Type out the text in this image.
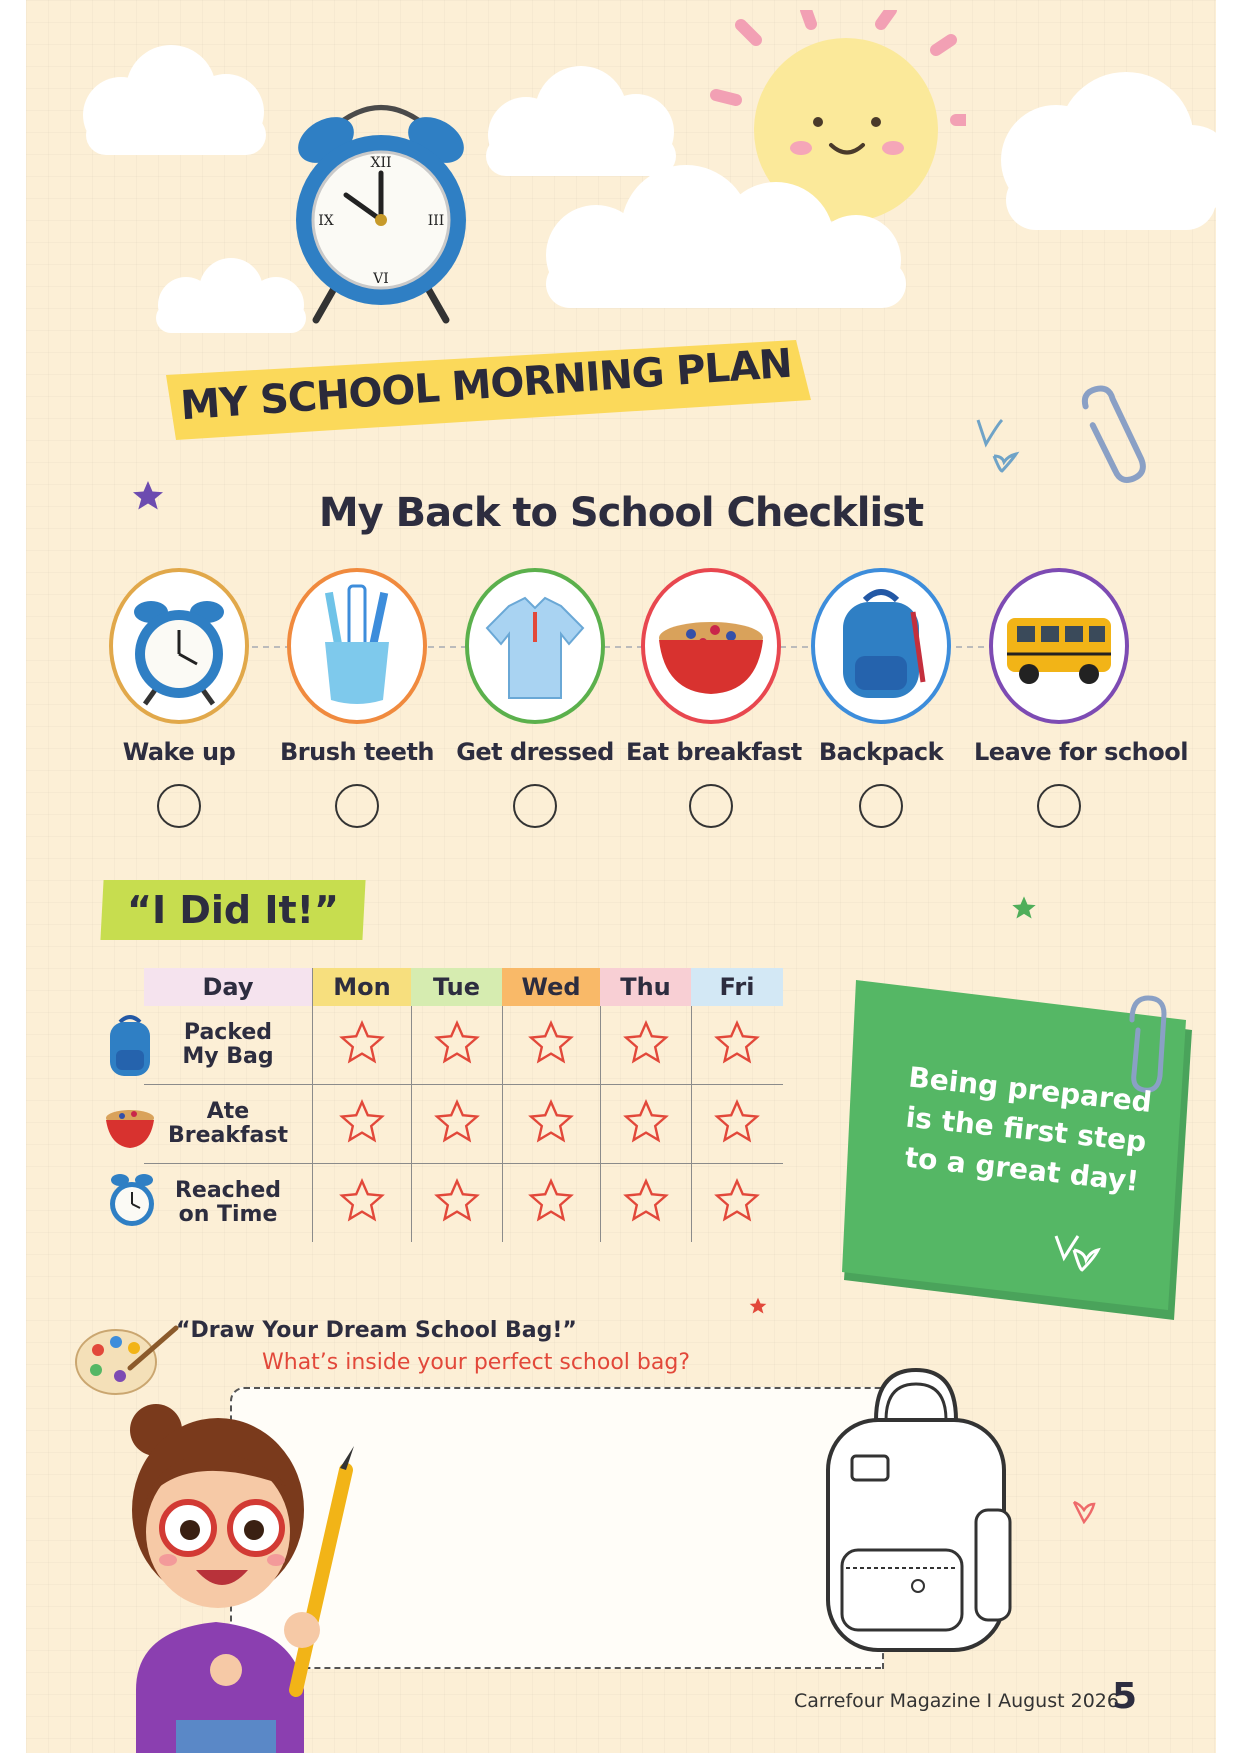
XII
III
VI
IX
MY SCHOOL MORNING PLAN
My Back to School Checklist
Wake up	Brush teeth Get dressed Eat breakfast Backpack	Leave for school
“I Did It!”
Day	Mon	Tue	Wed	Thu	Fri
Packed
My Bag					
Ate
Breakfast					
Reached
on Time					
Being prepared is the first step to a great day!
“Draw Your Dream School Bag!”
What’s inside your perfect school bag?
Carrefour Magazine I August 2026
5
